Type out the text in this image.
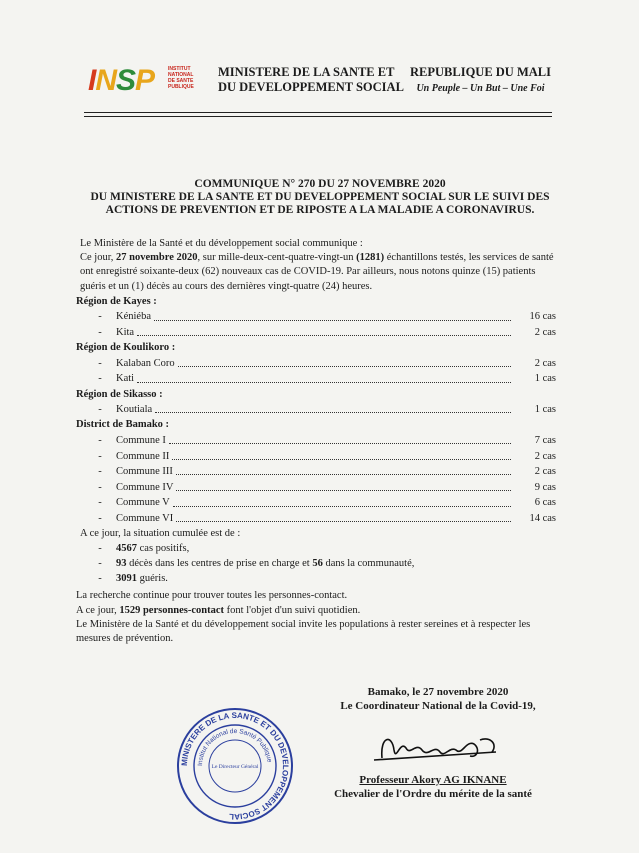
INSP	INSTITUT
NATIONAL
DE SANTE
PUBLIQUE
MINISTERE DE LA SANTE ET
DU DEVELOPPEMENT SOCIAL
REPUBLIQUE DU MALI
Un Peuple – Un But – Une Foi
COMMUNIQUE N° 270 DU 27 NOVEMBRE 2020
DU MINISTERE DE LA SANTE ET DU DEVELOPPEMENT SOCIAL SUR LE SUIVI DES
ACTIONS DE PREVENTION ET DE RIPOSTE A LA MALADIE A CORONAVIRUS.

Le Ministère de la Santé et du développement social communique :

Ce jour, 27 novembre 2020, sur mille-deux-cent-quatre-vingt-un (1281) échantillons testés, les services de santé ont enregistré soixante-deux (62) nouveaux cas de COVID-19. Par ailleurs, nous notons quinze (15) patients guéris et un (1) décès au cours des dernières vingt-quatre (24) heures.

Région de Kayes :
-	Kéniéba	16 cas
-	Kita	2 cas
Région de Koulikoro :
-	Kalaban Coro	2 cas
-	Kati	1 cas
Région de Sikasso :
-	Koutiala	1 cas
District de Bamako :
-	Commune I	7 cas
-	Commune II	2 cas
-	Commune III	2 cas
-	Commune IV	9 cas
-	Commune V	6 cas
-	Commune VI	14 cas

A ce jour, la situation cumulée est de :

-	4567 cas positifs,
-	93 décès dans les centres de prise en charge et 56 dans la communauté,
-	3091 guéris.

La recherche continue pour trouver toutes les personnes-contact.

A ce jour, 1529 personnes-contact font l'objet d'un suivi quotidien.

Le Ministère de la Santé et du développement social invite les populations à rester sereines et à respecter les mesures de prévention.

Bamako, le 27 novembre 2020
Le Coordinateur National de la Covid-19,
Professeur Akory AG IKNANE
Chevalier de l'Ordre du mérite de la santé
MINISTERE DE LA SANTE ET DU DEVELOPPEMENT SOCIAL
Institut National de Santé Publique
Le Directeur Général
